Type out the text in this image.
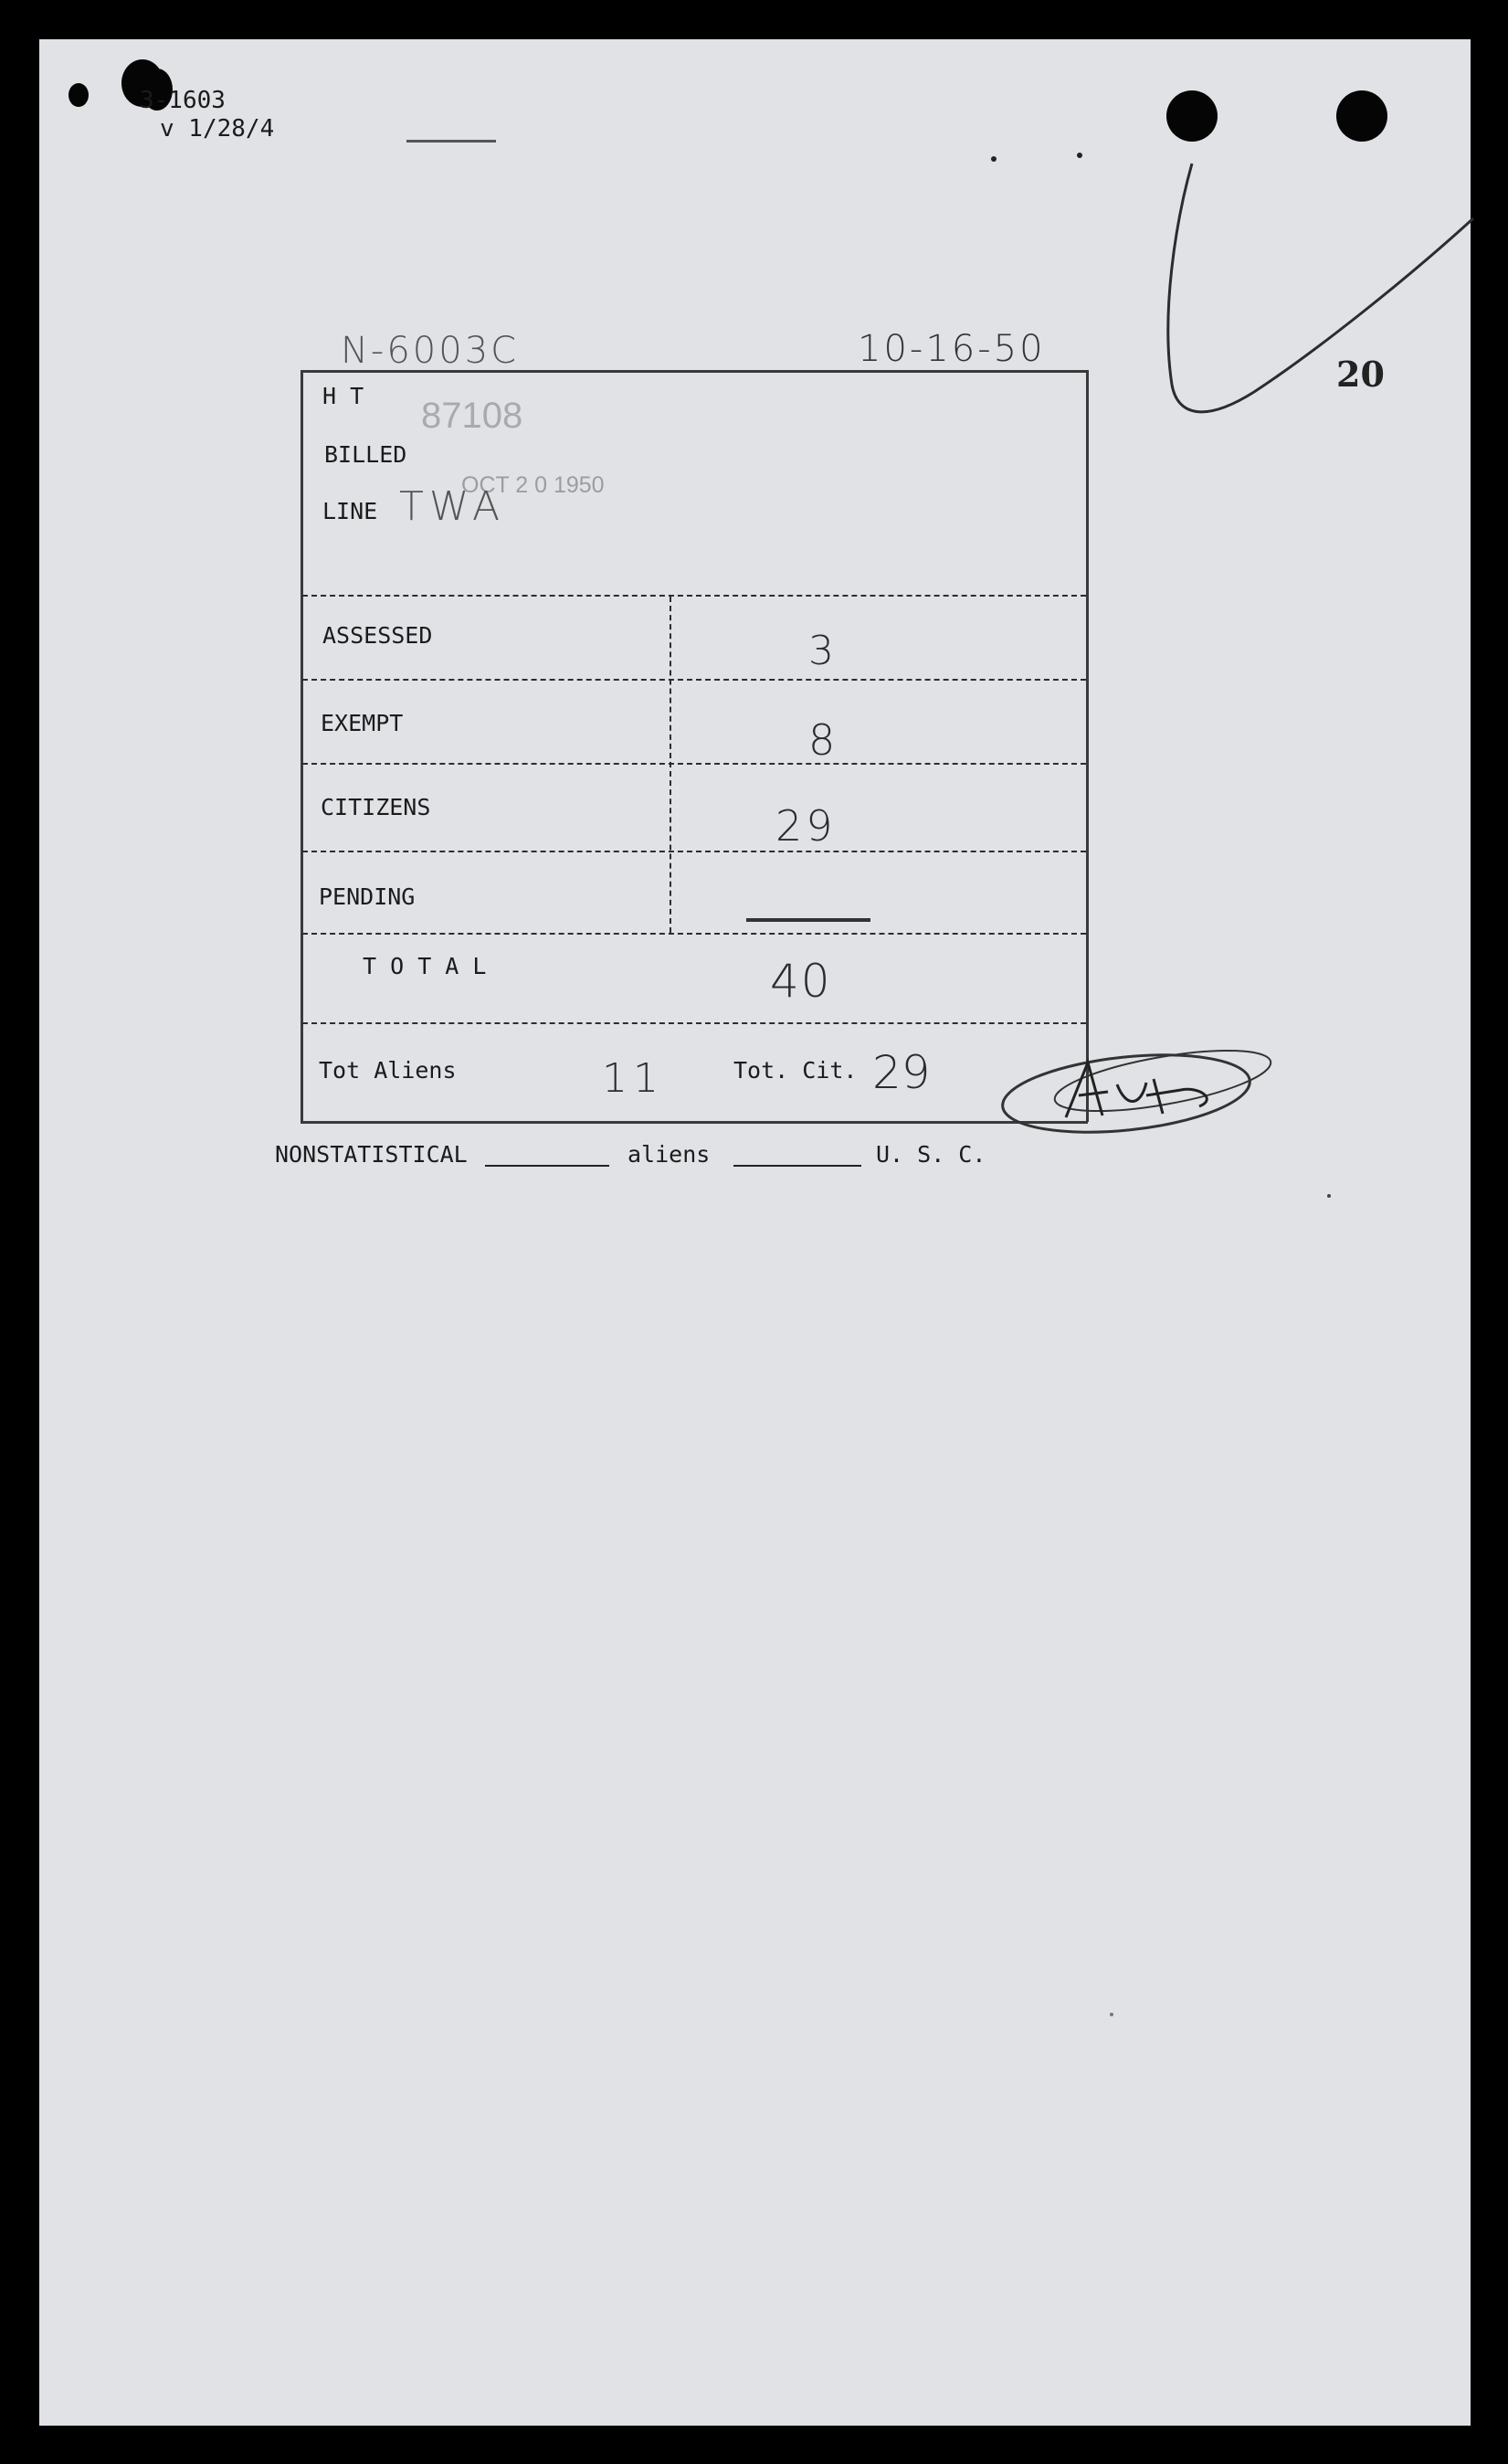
3-1603
v 1/28/4
20
N-6003C	10-16-50
H T 87108
BILLED
OCT 2 0 1950
LINE TWA
ASSESSED	3
EXEMPT	8
CITIZENS	29
PENDING
T O T A L	40
Tot Aliens	11	Tot. Cit. 29
NONSTATISTICAL	aliens	U. S. C.
